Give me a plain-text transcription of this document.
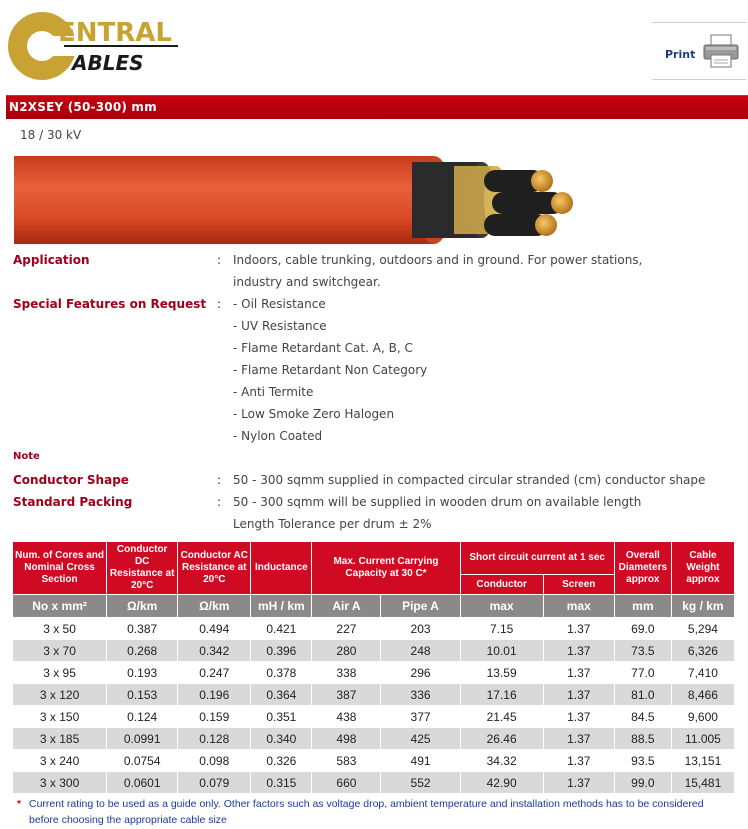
ENTRAL
ABLES	Print
N2XSEY (50-300) mm
18 / 30 kV
Application	: Indoors, cable trunking, outdoors and in ground. For power stations,
industry and switchgear.
Special Features on Request : - Oil Resistance
- UV Resistance
- Flame Retardant Cat. A, B, C
- Flame Retardant Non Category
- Anti Termite
- Low Smoke Zero Halogen
- Nylon Coated
Note
Conductor Shape	: 50 - 300 sqmm supplied in compacted circular stranded (cm) conductor shape
Standard Packing	: 50 - 300 sqmm will be supplied in wooden drum on available length
Length Tolerance per drum ± 2%
Num. of Cores and Nominal Cross Section	Conductor DC Resistance at 20°C	Conductor AC Resistance at 20°C	Inductance	Max. Current Carrying Capacity at 30 C*		Short circuit current at 1 sec		Overall Diameters approx	Cable Weight approx
						Conductor	Screen		
No x mm²	Ω/km	Ω/km	mH / km	Air A	Pipe A	max	max	mm	kg / km
3 x 50	0.387	0.494	0.421	227	203	7.15	1.37	69.0	5,294
3 x 70	0.268	0.342	0.396	280	248	10.01	1.37	73.5	6,326
3 x 95	0.193	0.247	0.378	338	296	13.59	1.37	77.0	7,410
3 x 120	0.153	0.196	0.364	387	336	17.16	1.37	81.0	8,466
3 x 150	0.124	0.159	0.351	438	377	21.45	1.37	84.5	9,600
3 x 185	0.0991	0.128	0.340	498	425	26.46	1.37	88.5	11.005
3 x 240	0.0754	0.098	0.326	583	491	34.32	1.37	93.5	13,151
3 x 300	0.0601	0.079	0.315	660	552	42.90	1.37	99.0	15,481
* Current rating to be used as a guide only. Other factors such as voltage drop, ambient temperature and installation methods has to be considered before choosing the appropriate cable size
